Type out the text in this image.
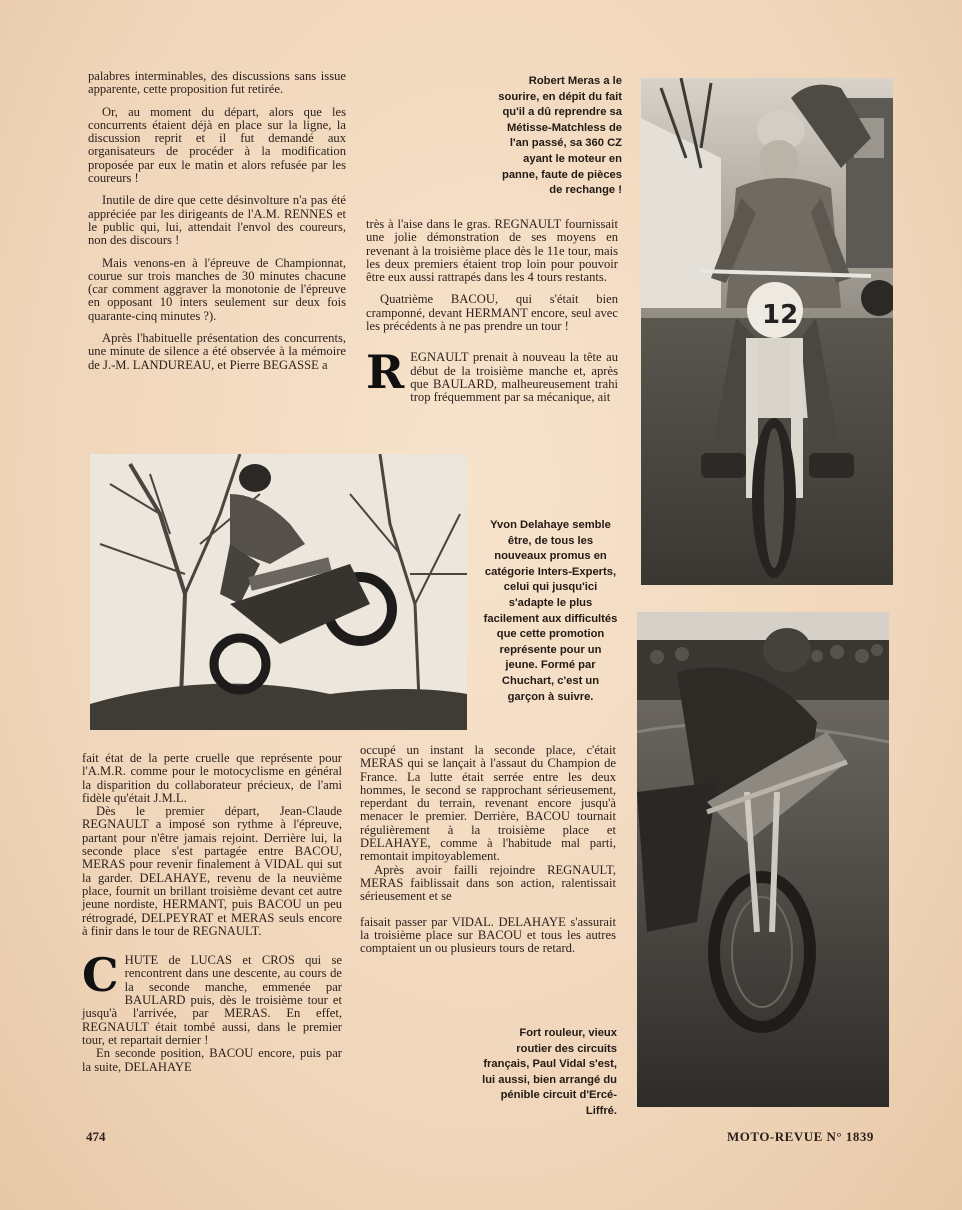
palabres interminables, des discussions sans issue apparente, cette proposition fut retirée.

Or, au moment du départ, alors que les concurrents étaient déjà en place sur la ligne, la discussion reprit et il fut demandé aux organisateurs de procéder à la modification proposée par eux le matin et alors refusée par les coureurs !

Inutile de dire que cette désinvolture n'a pas été appréciée par les dirigeants de l'A.M. RENNES et le public qui, lui, attendait l'envol des coureurs, non des discours !

Mais venons-en à l'épreuve de Championnat, courue sur trois manches de 30 minutes chacune (car comment aggraver la monotonie de l'épreuve en opposant 10 inters seulement sur deux fois quarante-cinq minutes ?).

Après l'habituelle présentation des concurrents, une minute de silence a été observée à la mémoire de J.-M. LANDUREAU, et Pierre BEGASSE a

Robert Meras a le sourire, en dépit du fait qu'il a dû reprendre sa Métisse-Matchless de l'an passé, sa 360 CZ ayant le moteur en panne, faute de pièces de rechange !

très à l'aise dans le gras. REGNAULT fournissait une jolie démonstration de ses moyens en revenant à la troisième place dès le 11e tour, mais les deux premiers étaient trop loin pour pouvoir être eux aussi rattrapés dans les 4 tours restants.

Quatrième BACOU, qui s'était bien cramponné, devant HERMANT encore, seul avec les précédents à ne pas prendre un tour !

REGNAULT prenait à nouveau la tête au début de la troisième manche et, après que BAULARD, malheureusement trahi trop fréquemment par sa mécanique, ait

12
Yvon Delahaye semble être, de tous les nouveaux promus en catégorie Inters-Experts, celui qui jusqu'ici s'adapte le plus facilement aux difficultés que cette promotion représente pour un jeune. Formé par Chuchart, c'est un garçon à suivre.

fait état de la perte cruelle que représente pour l'A.M.R. comme pour le motocyclisme en général la disparition du collaborateur précieux, de l'ami fidèle qu'était J.M.L.

Dès le premier départ, Jean-Claude REGNAULT a imposé son rythme à l'épreuve, partant pour n'être jamais rejoint. Derrière lui, la seconde place s'est partagée entre BACOU, MERAS pour revenir finalement à VIDAL qui sut la garder. DELAHAYE, revenu de la neuvième place, fournit un brillant troisième devant cet autre jeune nordiste, HERMANT, puis BACOU un peu rétrogradé, DELPEYRAT et MERAS seuls encore à finir dans le tour de REGNAULT.

CHUTE de LUCAS et CROS qui se rencontrent dans une descente, au cours de la seconde manche, emmenée par BAULARD puis, dès le troisième tour et jusqu'à l'arrivée, par MERAS. En effet, REGNAULT était tombé aussi, dans le premier tour, et repartait dernier !

En seconde position, BACOU encore, puis par la suite, DELAHAYE

occupé un instant la seconde place, c'était MERAS qui se lançait à l'assaut du Champion de France. La lutte était serrée entre les deux hommes, le second se rapprochant sérieusement, reperdant du terrain, revenant encore jusqu'à menacer le premier. Derrière, BACOU tournait régulièrement à la troisième place et DELAHAYE, comme à l'habitude mal parti, remontait impitoyablement.

Après avoir failli rejoindre REGNAULT, MERAS faiblissait dans son action, ralentissait sérieusement et se

faisait passer par VIDAL. DELAHAYE s'assurait la troisième place sur BACOU et tous les autres comptaient un ou plusieurs tours de retard.

Fort rouleur, vieux routier des circuits français, Paul Vidal s'est, lui aussi, bien arrangé du pénible circuit d'Ercé-Liffré.
474	MOTO-REVUE N° 1839
